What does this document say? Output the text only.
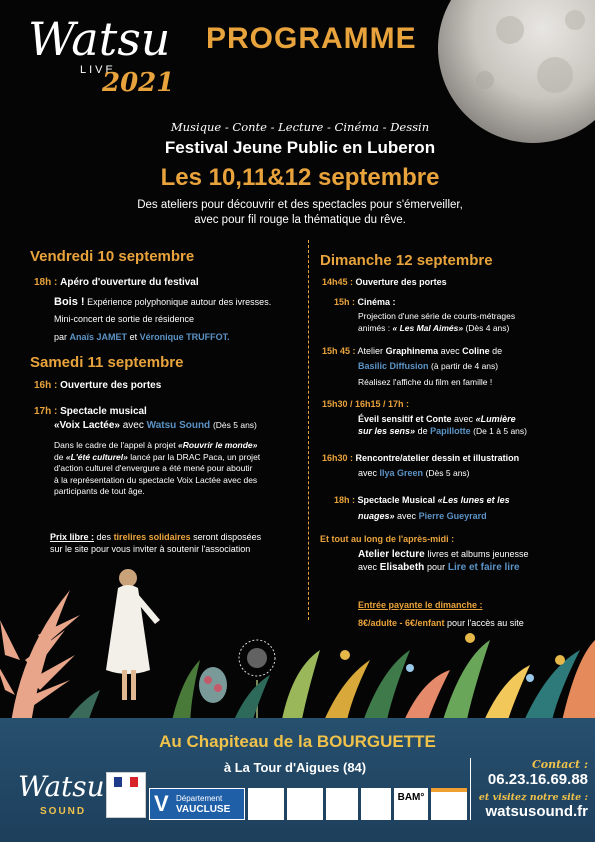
Watsu
LIVE
2021
PROGRAMME
Musique - Conte - Lecture - Cinéma - Dessin
Festival Jeune Public en Luberon
Les 10,11&12 septembre
Des ateliers pour découvrir et des spectacles pour s'émerveiller,
avec pour fil rouge la thématique du rêve.
Vendredi 10 septembre
18h : Apéro d'ouverture du festival
Bois ! Expérience polyphonique autour des ivresses.
Mini-concert de sortie de résidence
par Anaïs JAMET et Véronique TRUFFOT.
Samedi 11 septembre
16h : Ouverture des portes
17h : Spectacle musical
«Voix Lactée» avec Watsu Sound (Dès 5 ans)
Dans le cadre de l'appel à projet «Rouvrir le monde»
de «L'été culturel» lancé par la DRAC Paca, un projet
d'action culturel d'envergure a été mené pour aboutir
à la représentation du spectacle Voix Lactée avec des
participants de tout âge.
Prix libre : des tirelires solidaires seront disposées
sur le site pour vous inviter à soutenir l'association
Dimanche 12 septembre
14h45 : Ouverture des portes
15h : Cinéma :
Projection d'une série de courts-métrages
animés : « Les Mal Aimés» (Dès 4 ans)
15h 45 : Atelier Graphinema avec Coline de
Basilic Diffusion (à partir de 4 ans)
Réalisez l'affiche du film en famille !
15h30 / 16h15 / 17h :
Éveil sensitif et Conte avec «Lumière
sur les sens» de Papillotte (De 1 à 5 ans)
16h30 : Rencontre/atelier dessin et illustration
avec Ilya Green (Dès 5 ans)
18h : Spectacle Musical «Les lunes et les
nuages» avec Pierre Gueyrard
Et tout au long de l'après-midi :
Atelier lecture livres et albums jeunesse
avec Elisabeth pour Lire et faire lire
Entrée payante le dimanche :
8€/adulte - 6€/enfant pour l'accès au site
Au Chapiteau de la BOURGUETTE
à La Tour d'Aigues (84)
Watsu
SOUND	V Département
VAUCLUSE
BAM°
Contact :
06.23.16.69.88
et visitez notre site :
watsusound.fr
